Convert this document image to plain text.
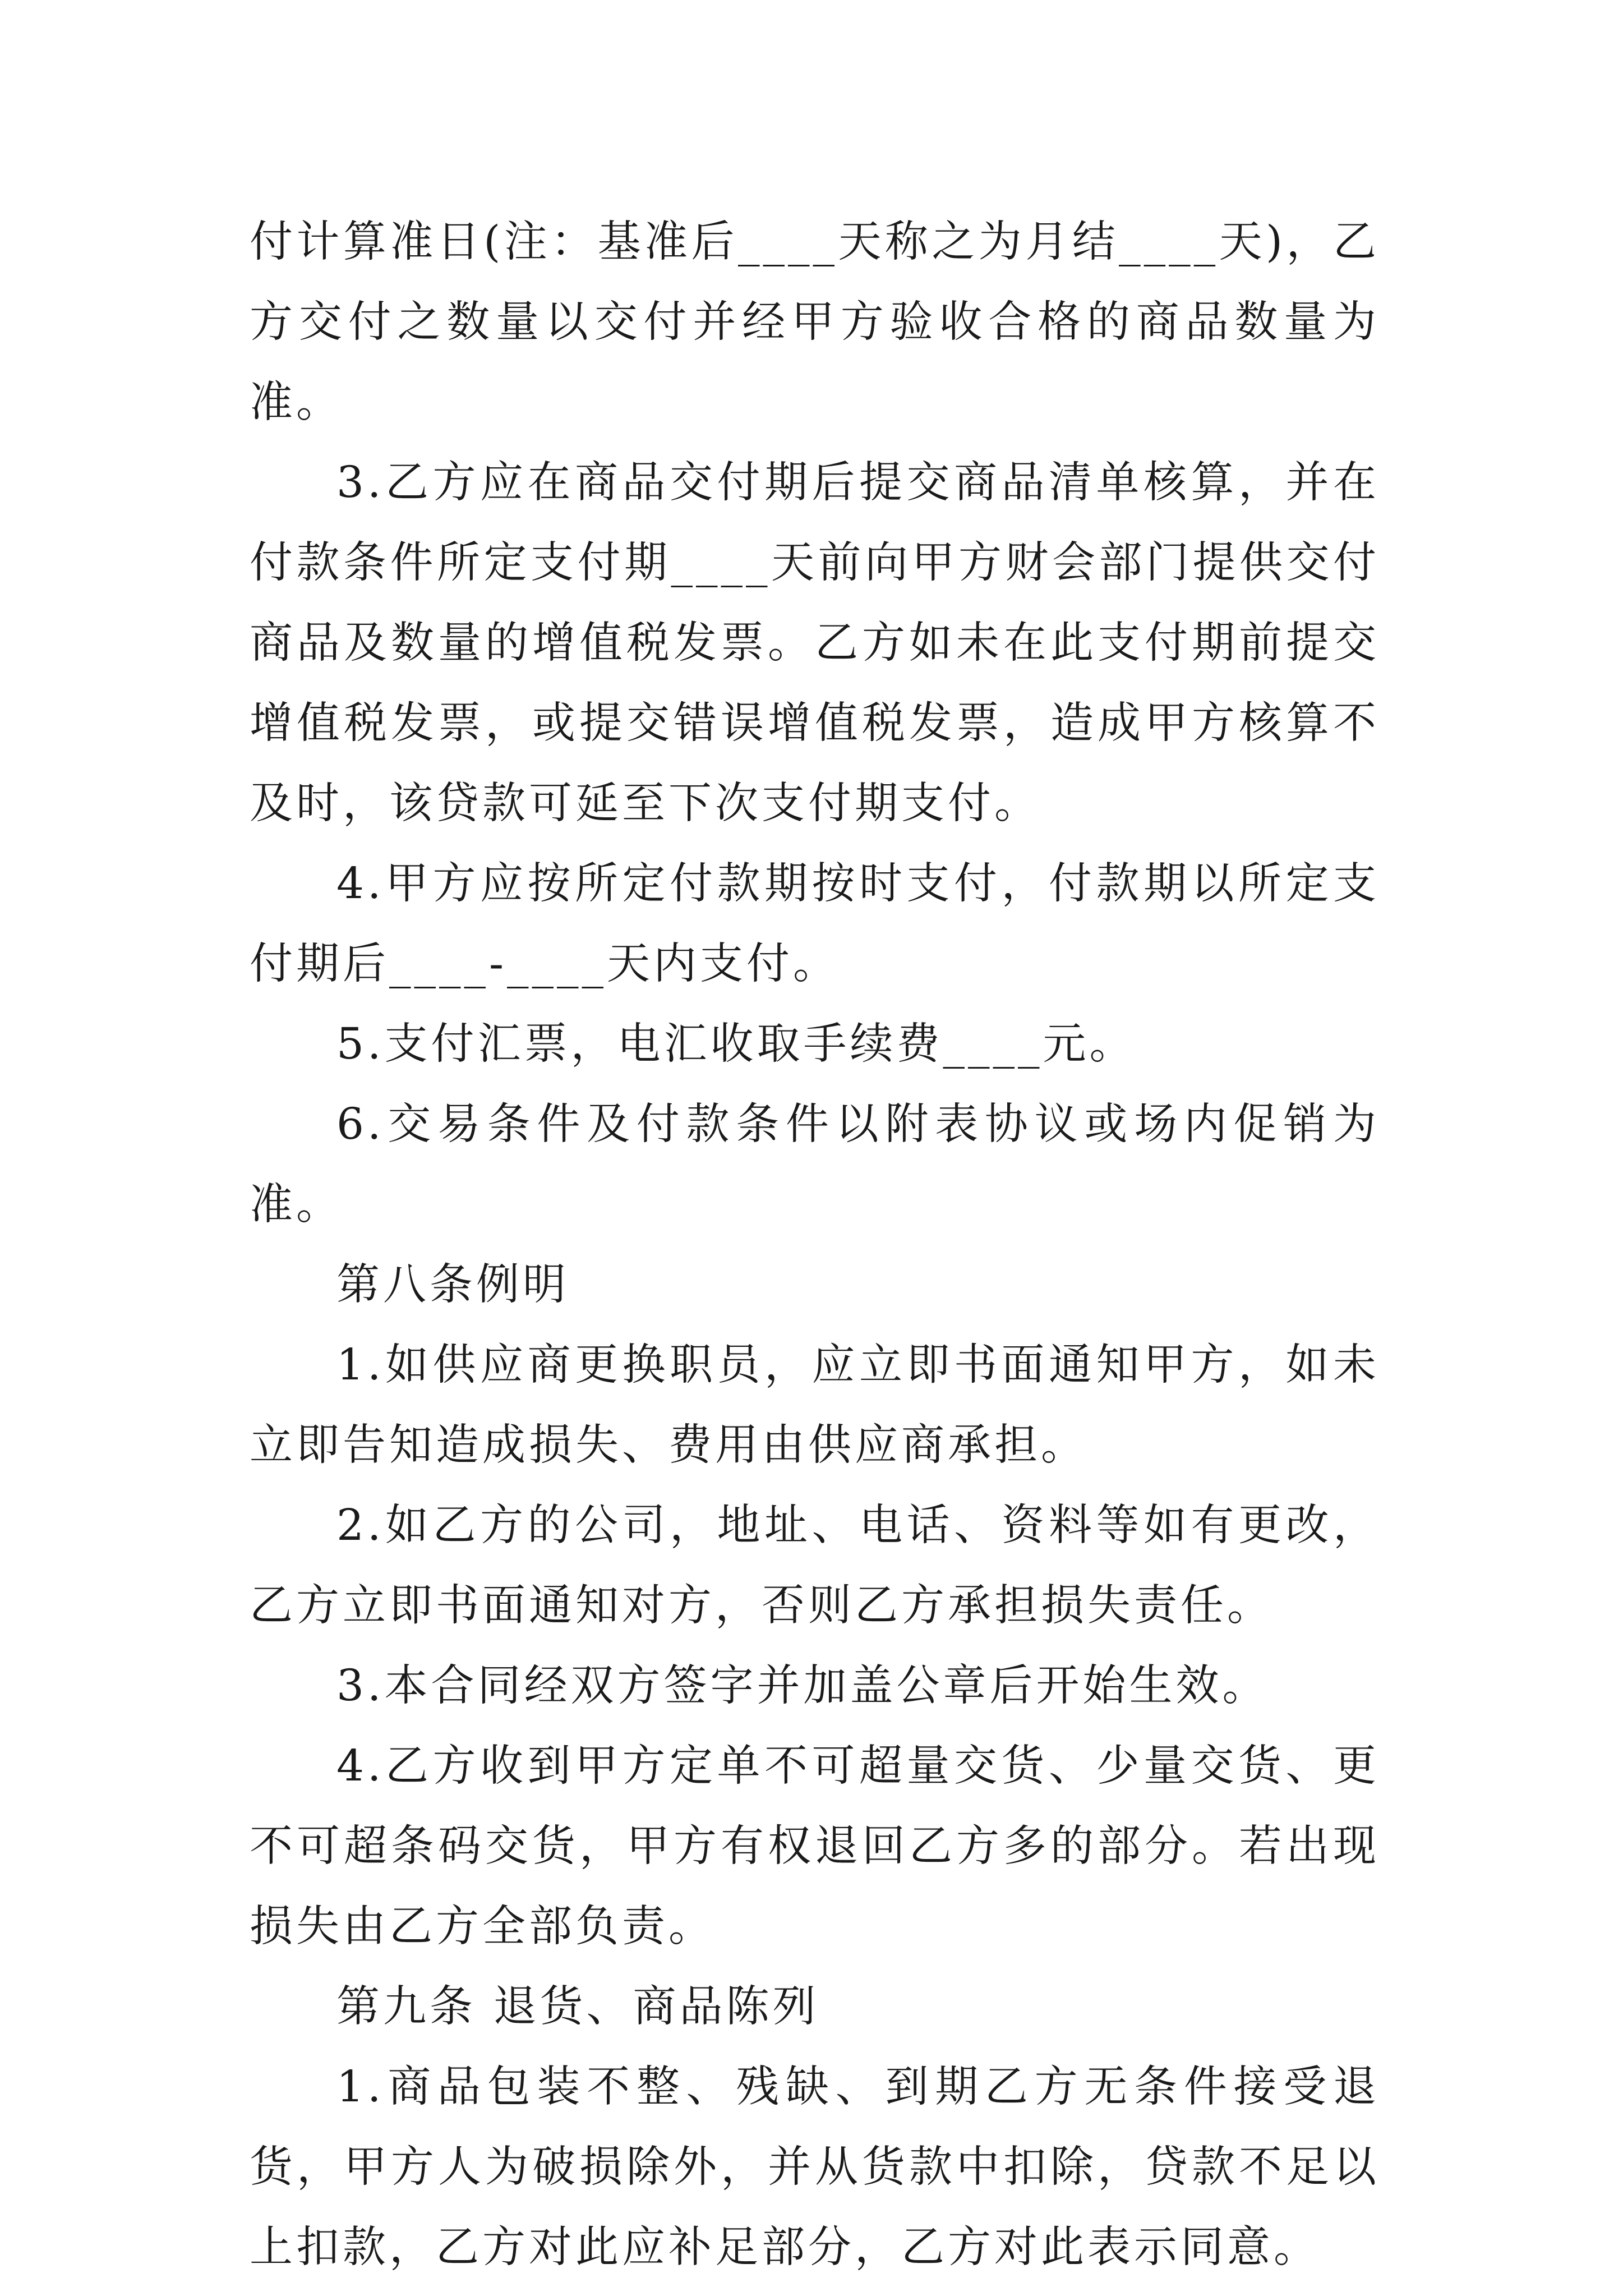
付计算准日(注：基准后____天称之为月结____天)，乙方交付之数量以交付并经甲方验收合格的商品数量为准。

3.乙方应在商品交付期后提交商品清单核算，并在付款条件所定支付期____天前向甲方财会部门提供交付商品及数量的增值税发票。乙方如未在此支付期前提交增值税发票，或提交错误增值税发票，造成甲方核算不及时，该贷款可延至下次支付期支付。

4.甲方应按所定付款期按时支付，付款期以所定支付期后____-____天内支付。

5.支付汇票，电汇收取手续费____元。

6.交易条件及付款条件以附表协议或场内促销为准。

第八条例明

1.如供应商更换职员，应立即书面通知甲方，如未立即告知造成损失、费用由供应商承担。

2.如乙方的公司，地址、电话、资料等如有更改，乙方立即书面通知对方，否则乙方承担损失责任。

3.本合同经双方签字并加盖公章后开始生效。

4.乙方收到甲方定单不可超量交货、少量交货、更不可超条码交货，甲方有权退回乙方多的部分。若出现损失由乙方全部负责。

第九条 退货、商品陈列

1.商品包装不整、残缺、到期乙方无条件接受退货，甲方人为破损除外，并从货款中扣除，贷款不足以上扣款，乙方对此应补足部分，乙方对此表示同意。
